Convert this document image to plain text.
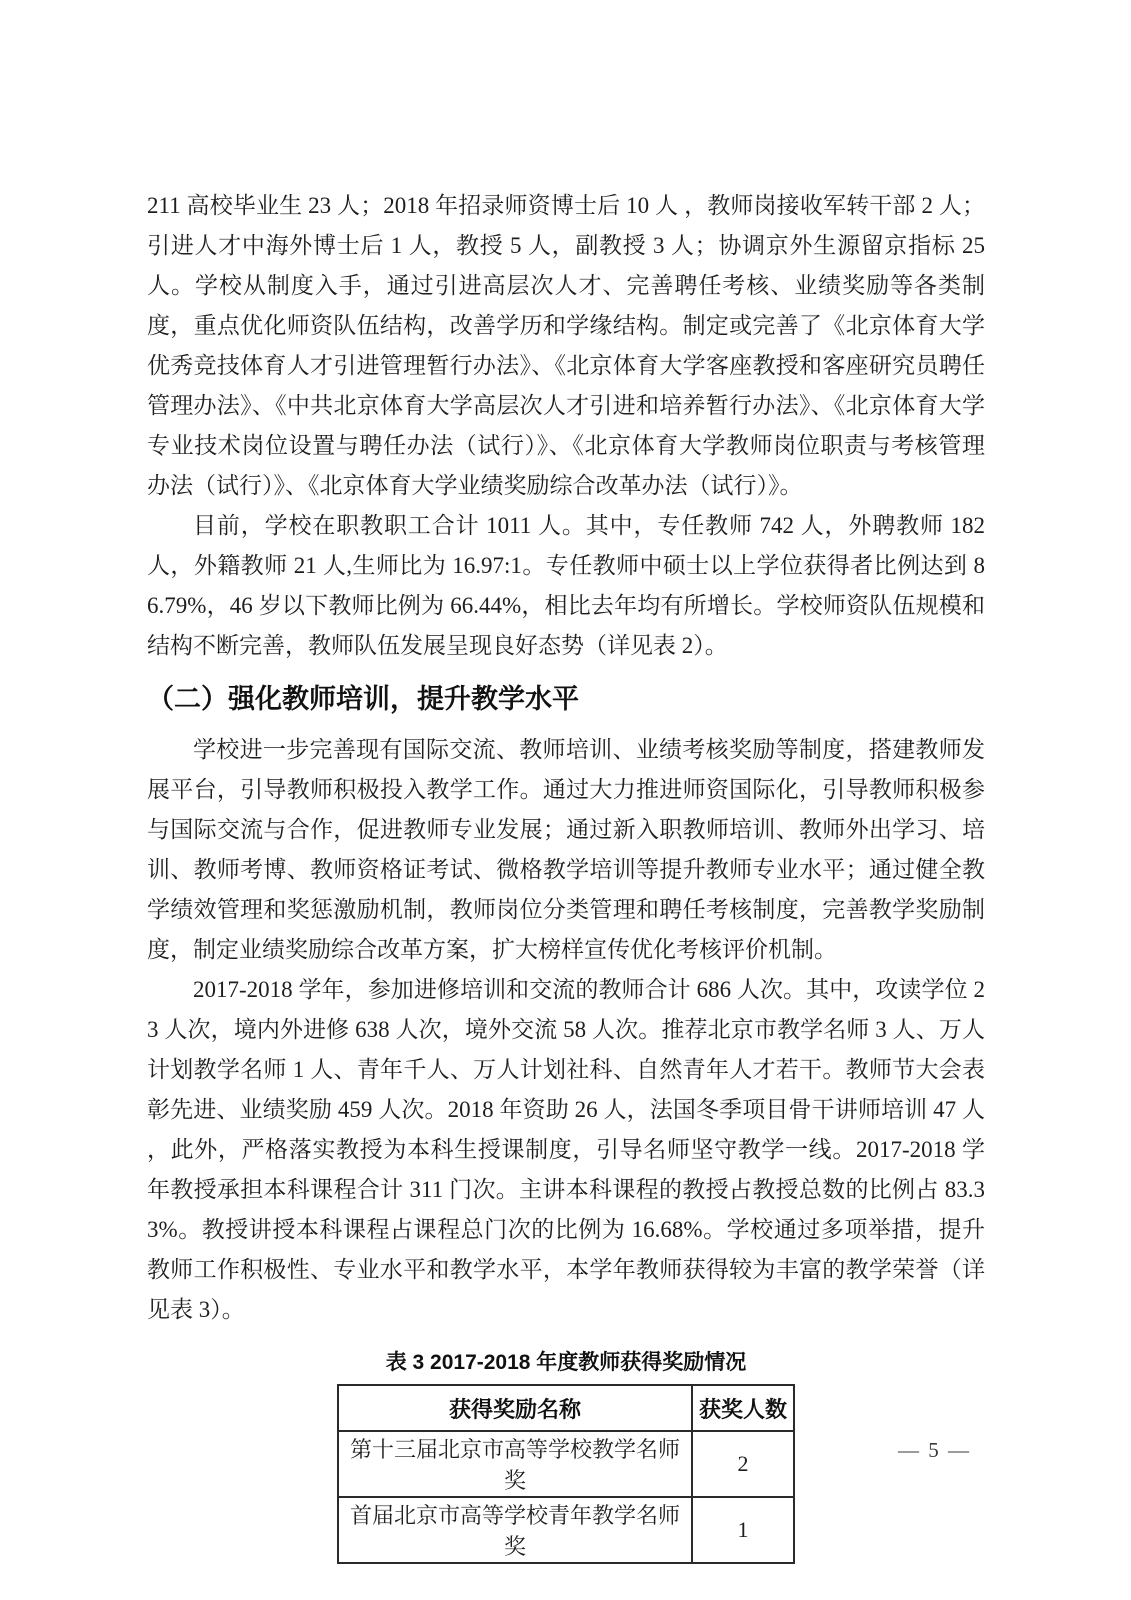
211 高校毕业生 23 人；2018 年招录师资博士后 10 人 ，教师岗接收军转干部 2 人； 引进人才中海外博士后 1 人，教授 5 人，副教授 3 人；协调京外生源留京指标 25 人。学校从制度入手，通过引进高层次人才、完善聘任考核、业绩奖励等各类制度，重点优化师资队伍结构，改善学历和学缘结构。制定或完善了《北京体育大学优秀竞技体育人才引进管理暂行办法》、《北京体育大学客座教授和客座研究员聘任管理办法》、《中共北京体育大学高层次人才引进和培养暂行办法》、《北京体育大学专业技术岗位设置与聘任办法（试行）》、《北京体育大学教师岗位职责与考核管理办法（试行）》、《北京体育大学业绩奖励综合改革办法（试行）》。

目前，学校在职教职工合计 1011 人。其中，专任教师 742 人，外聘教师 182 人，外籍教师 21 人,生师比为 16.97:1。专任教师中硕士以上学位获得者比例达到 86.79%，46 岁以下教师比例为 66.44%，相比去年均有所增长。学校师资队伍规模和结构不断完善，教师队伍发展呈现良好态势（详见表 2）。

（二）强化教师培训，提升教学水平

学校进一步完善现有国际交流、教师培训、业绩考核奖励等制度，搭建教师发展平台，引导教师积极投入教学工作。通过大力推进师资国际化，引导教师积极参与国际交流与合作，促进教师专业发展；通过新入职教师培训、教师外出学习、培训、教师考博、教师资格证考试、微格教学培训等提升教师专业水平；通过健全教学绩效管理和奖惩激励机制，教师岗位分类管理和聘任考核制度，完善教学奖励制度，制定业绩奖励综合改革方案，扩大榜样宣传优化考核评价机制。

2017-2018 学年，参加进修培训和交流的教师合计 686 人次。其中，攻读学位 23 人次，境内外进修 638 人次，境外交流 58 人次。推荐北京市教学名师 3 人、万人计划教学名师 1 人、青年千人、万人计划社科、自然青年人才若干。教师节大会表彰先进、业绩奖励 459 人次。2018 年资助 26 人，法国冬季项目骨干讲师培训 47 人 ，此外，严格落实教授为本科生授课制度，引导名师坚守教学一线。2017-2018 学年教授承担本科课程合计 311 门次。主讲本科课程的教授占教授总数的比例占 83.33%。教授讲授本科课程占课程总门次的比例为 16.68%。学校通过多项举措，提升教师工作积极性、专业水平和教学水平，本学年教师获得较为丰富的教学荣誉（详见表 3）。

表 3 2017-2018 年度教师获得奖励情况
获得奖励名称	获奖人数
第十三届北京市高等学校教学名师奖	2
首届北京市高等学校青年教学名师奖	1
— 5 —
